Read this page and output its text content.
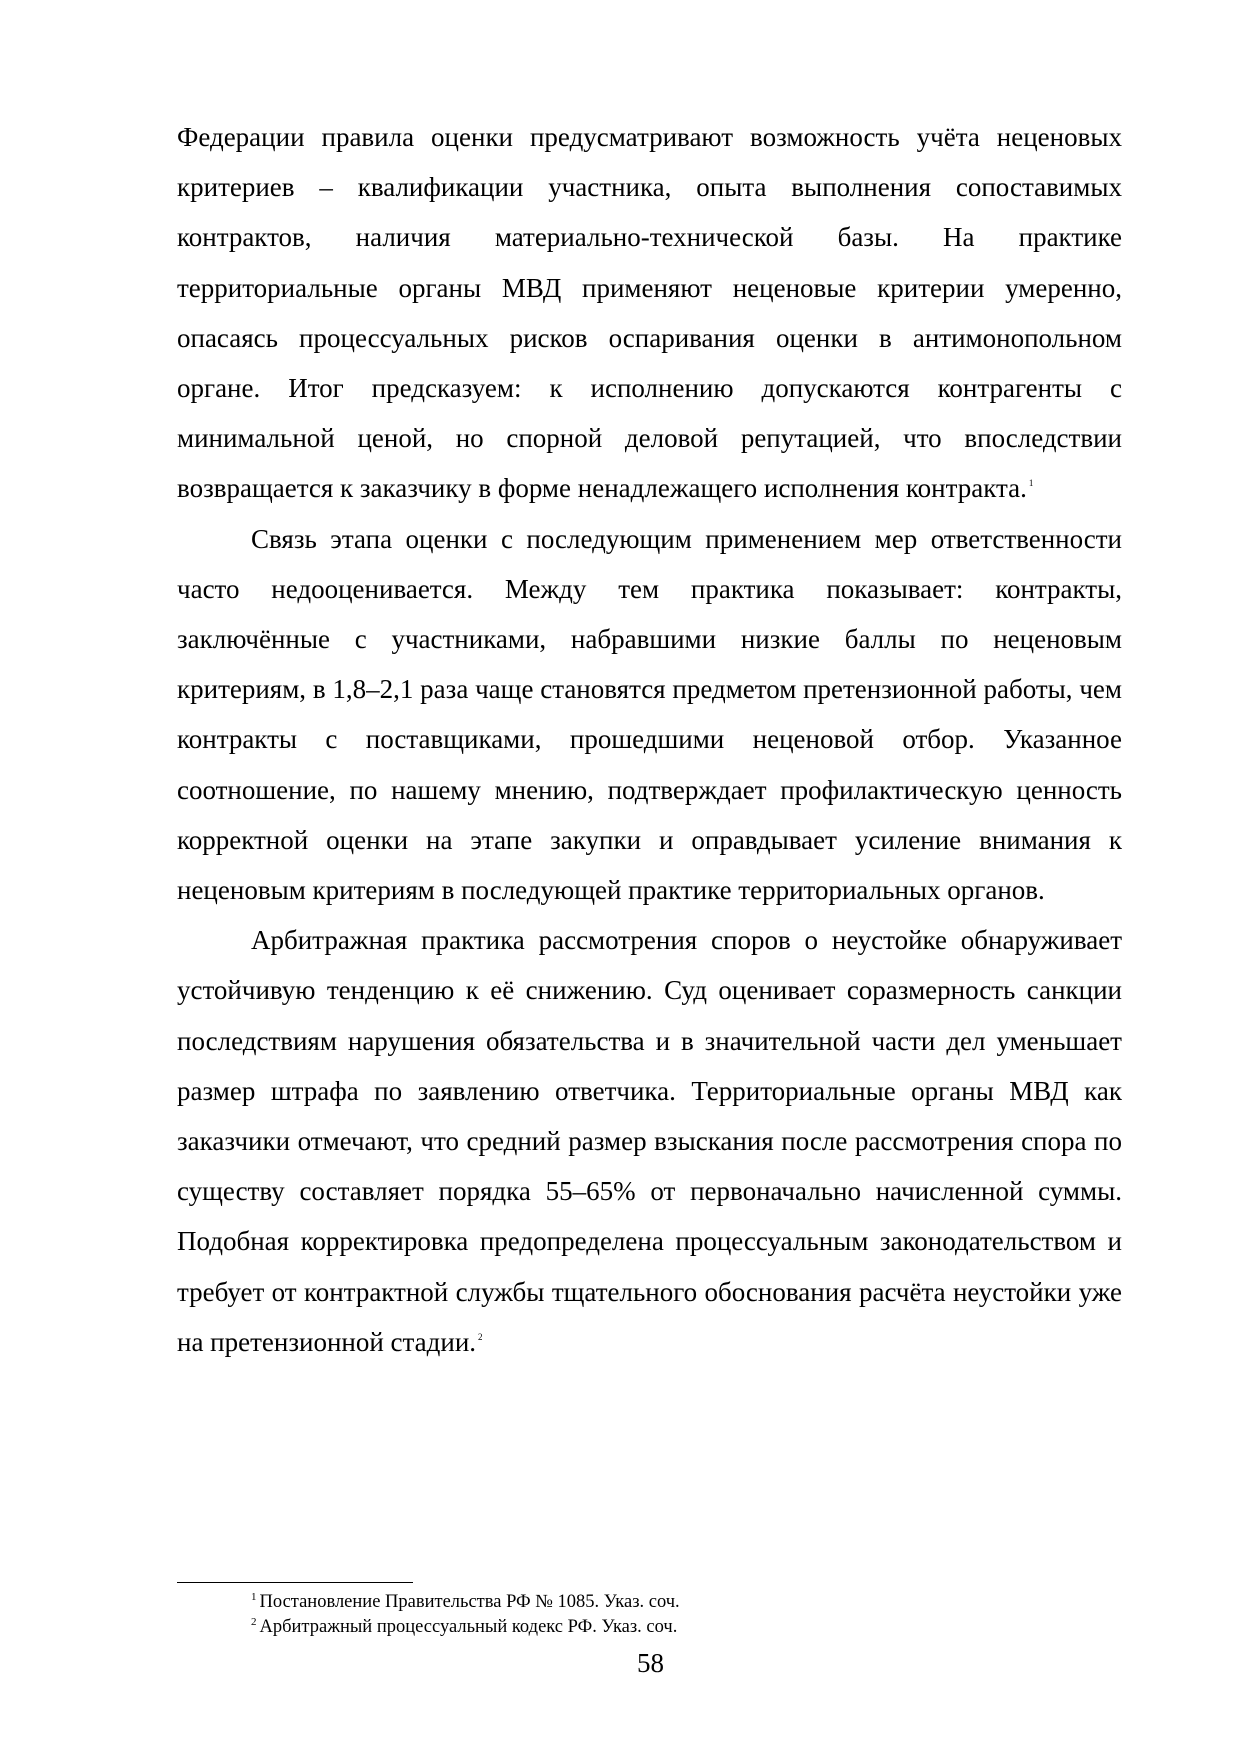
Федерации правила оценки предусматривают возможность учёта неценовых критериев – квалификации участника, опыта выполнения сопоставимых контрактов, наличия материально-технической базы. На практике территориальные органы МВД применяют неценовые критерии умеренно, опасаясь процессуальных рисков оспаривания оценки в антимонопольном органе. Итог предсказуем: к исполнению допускаются контрагенты с минимальной ценой, но спорной деловой репутацией, что впоследствии возвращается к заказчику в форме ненадлежащего исполнения контракта. $^1$

Связь этапа оценки с последующим применением мер ответственности часто недооценивается. Между тем практика показывает: контракты, заключённые с участниками, набравшими низкие баллы по неценовым критериям, в 1,8–2,1 раза чаще становятся предметом претензионной работы, чем контракты с поставщиками, прошедшими неценовой отбор. Указанное соотношение, по нашему мнению, подтверждает профилактическую ценность корректной оценки на этапе закупки и оправдывает усиление внимания к неценовым критериям в последующей практике территориальных органов.

Арбитражная практика рассмотрения споров о неустойке обнаруживает устойчивую тенденцию к её снижению. Суд оценивает соразмерность санкции последствиям нарушения обязательства и в значительной части дел уменьшает размер штрафа по заявлению ответчика. Территориальные органы МВД как заказчики отмечают, что средний размер взыскания после рассмотрения спора по существу составляет порядка 55–65% от первоначально начисленной суммы. Подобная корректировка предопределена процессуальным законодательством и требует от контрактной службы тщательного обоснования расчёта неустойки уже на претензионной стадии. $^2$

$^1$ Постановление Правительства РФ № 1085. Указ. соч.
$^2$ Арбитражный процессуальный кодекс РФ. Указ. соч.
58
